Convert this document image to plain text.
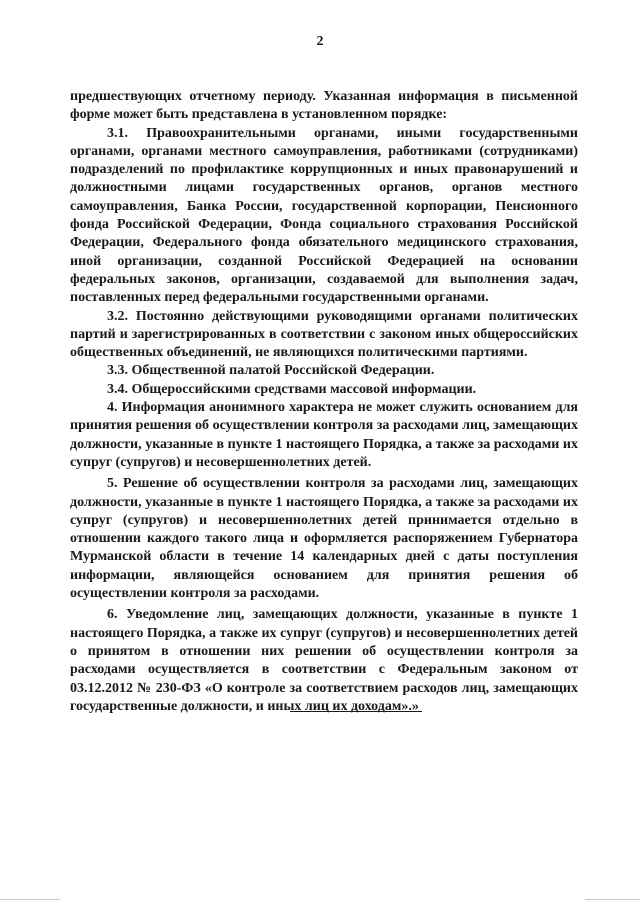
2

предшествующих отчетному периоду. Указанная информация в письменной форме может быть представлена в установленном порядке:

3.1. Правоохранительными органами, иными государственными органами, органами местного самоуправления, работниками (сотрудниками) подразделений по профилактике коррупционных и иных правонарушений и должностными лицами государственных органов, органов местного самоуправления, Банка России, государственной корпорации, Пенсионного фонда Российской Федерации, Фонда социального страхования Российской Федерации, Федерального фонда обязательного медицинского страхования, иной организации, созданной Российской Федерацией на основании федеральных законов, организации, создаваемой для выполнения задач, поставленных перед федеральными государственными органами.

3.2. Постоянно действующими руководящими органами политических партий и зарегистрированных в соответствии с законом иных общероссийских общественных объединений, не являющихся политическими партиями.

3.3. Общественной палатой Российской Федерации.

3.4. Общероссийскими средствами массовой информации.

4. Информация анонимного характера не может служить основанием для принятия решения об осуществлении контроля за расходами лиц, замещающих должности, указанные в пункте 1 настоящего Порядка, а также за расходами их супруг (супругов) и несовершеннолетних детей.

5. Решение об осуществлении контроля за расходами лиц, замещающих должности, указанные в пункте 1 настоящего Порядка, а также за расходами их супруг (супругов) и несовершеннолетних детей принимается отдельно в отношении каждого такого лица и оформляется распоряжением Губернатора Мурманской области в течение 14 календарных дней с даты поступления информации, являющейся основанием для принятия решения об осуществлении контроля за расходами.

6. Уведомление лиц, замещающих должности, указанные в пункте 1 настоящего Порядка, а также их супруг (супругов) и несовершеннолетних детей о принятом в отношении них решении об осуществлении контроля за расходами осуществляется в соответствии с Федеральным законом от 03.12.2012 № 230-ФЗ «О контроле за соответствием расходов лиц, замещающих государственные должности, и иных лиц их доходам».»
